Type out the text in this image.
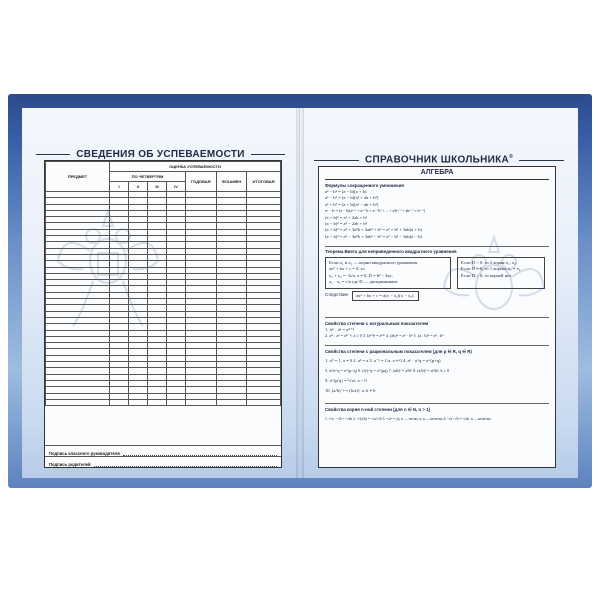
СВЕДЕНИЯ ОБ УСПЕВАЕМОСТИ
ПРЕДМЕТ	ОЦЕНКА УСПЕВАЕМОСТИ						
	ПО ЧЕТВЕРТЯМ				ГОДОВАЯ	ЭКЗАМЕН	ИТОГОВАЯ
	I	II	III	IV			

Подпись классного руководителя
Подпись родителей
СПРАВОЧНИК ШКОЛЬНИКА®
АЛГЕБРА
Формулы сокращенного умножения
a² − b² = (a − b)(a + b)
a³ − b³ = (a − b)(a² + ab + b²)
a³ + b³ = (a + b)(a² − ab + b²)
aⁿ − bⁿ = (a − b)(aⁿ⁻¹ + aⁿ⁻²b + aⁿ⁻³b² + ... + a²bⁿ⁻³ + abⁿ⁻² + bⁿ⁻¹)
(a + b)² = a² + 2ab + b²
(a − b)² = a² − 2ab + b²
(a + b)³ = a³ + 3a²b + 3ab² + b³ = a³ + b³ + 3ab(a + b)
(a − b)³ = a³ − 3a²b + 3ab² − b³ = a³ − b³ − 3ab(a − b)
Теорема Виета для неприведенного квадратного уравнения
Если x₁ и x₂ — корни квадратного уравнения
ax² + bx + c = 0, то
x₁ + x₂ = −b/a, a ≠ 0, D = b² − 4ac,
x₁ · x₂ = c/a где D — дискриминант.
Если D > 0, то 2 корня x₁, x₂.
Если D = 0, то 1 корень x₁ = x₂.
Если D < 0, то корней нет.
Следствие	ax² + bx + c = a(x − x₁)(x − x₂).
Свойства степени с натуральным показателем
1. aᵐ · aⁿ = aᵐ⁺ⁿ
2. aᵐ : aⁿ = aᵐ⁻ⁿ, a ≠ 0 3. (aᵐ)ⁿ = aᵐⁿ 4. (ab)ⁿ = aⁿ · bⁿ 5. (a : b)ⁿ = aⁿ : bⁿ
Свойства степени с рациональным показателем (для p ∈ R, q ∈ R)
1. a⁰ = 1, a ≠ 0 2. a¹ = a 3. a⁻¹ = 1/a, a ≠ 0 4. aᵖ · a^q = a^(p+q)
5. aᵖ/a^q = a^(p−q) 6. (aᵖ)^q = a^(pq) 7. (ab)ᵖ = aᵖbᵖ 8. (a/b)ᵖ = aᵖ/bᵖ, b ≠ 0
9. a^(p/q) = ⁹√aᵖ, a > 0
10. (a/b)⁻ᵖ = (b/a)ᵖ, a, b ≠ 0
Свойства корня n-ной степени (для n ∈ N, n > 1)
1. ⁿ√a · ⁿ√b = ⁿ√ab 2. ⁿ√(a/b) = ⁿ√a/ⁿ√b 3. ⁿ√aⁿ = |a|, n — четно; a, n — нечетно 4. ⁿ√a·ⁿ√b = ⁿ√ab, n — нечетно
